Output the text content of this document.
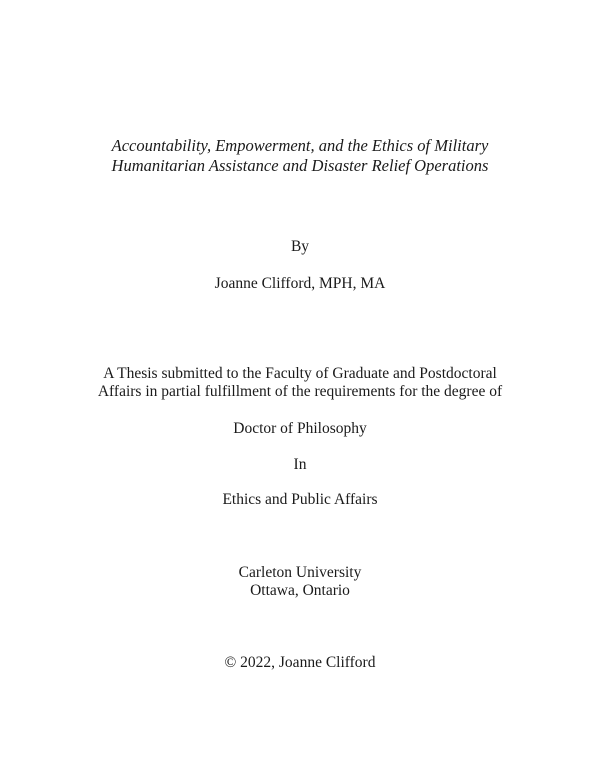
Accountability, Empowerment, and the Ethics of Military
Humanitarian Assistance and Disaster Relief Operations
By
Joanne Clifford, MPH, MA
A Thesis submitted to the Faculty of Graduate and Postdoctoral
Affairs in partial fulfillment of the requirements for the degree of
Doctor of Philosophy
In
Ethics and Public Affairs
Carleton University
Ottawa, Ontario
© 2022, Joanne Clifford
